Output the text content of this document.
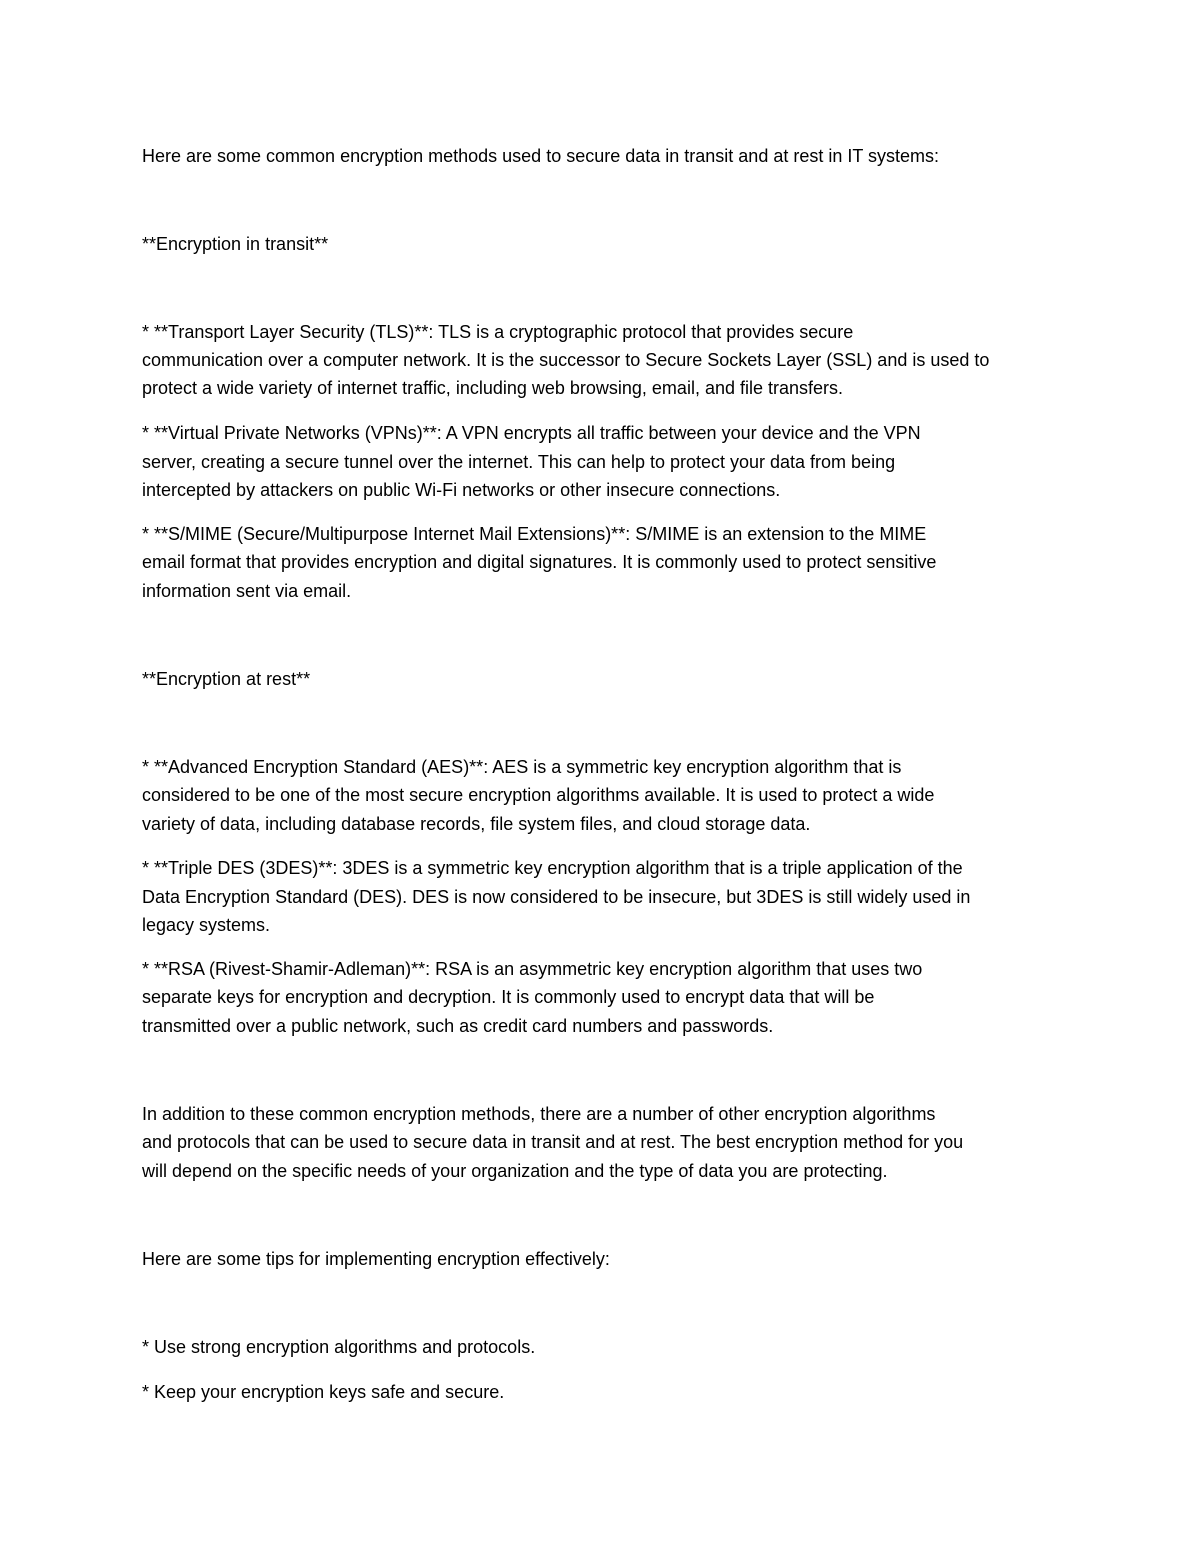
Here are some common encryption methods used to secure data in transit and at rest in IT systems:

**Encryption in transit**

* **Transport Layer Security (TLS)**: TLS is a cryptographic protocol that provides secure

communication over a computer network. It is the successor to Secure Sockets Layer (SSL) and is used to

protect a wide variety of internet traffic, including web browsing, email, and file transfers.

* **Virtual Private Networks (VPNs)**: A VPN encrypts all traffic between your device and the VPN

server, creating a secure tunnel over the internet. This can help to protect your data from being

intercepted by attackers on public Wi-Fi networks or other insecure connections.

* **S/MIME (Secure/Multipurpose Internet Mail Extensions)**: S/MIME is an extension to the MIME

email format that provides encryption and digital signatures. It is commonly used to protect sensitive

information sent via email.

**Encryption at rest**

* **Advanced Encryption Standard (AES)**: AES is a symmetric key encryption algorithm that is

considered to be one of the most secure encryption algorithms available. It is used to protect a wide

variety of data, including database records, file system files, and cloud storage data.

* **Triple DES (3DES)**: 3DES is a symmetric key encryption algorithm that is a triple application of the

Data Encryption Standard (DES). DES is now considered to be insecure, but 3DES is still widely used in

legacy systems.

* **RSA (Rivest-Shamir-Adleman)**: RSA is an asymmetric key encryption algorithm that uses two

separate keys for encryption and decryption. It is commonly used to encrypt data that will be

transmitted over a public network, such as credit card numbers and passwords.

In addition to these common encryption methods, there are a number of other encryption algorithms

and protocols that can be used to secure data in transit and at rest. The best encryption method for you

will depend on the specific needs of your organization and the type of data you are protecting.

Here are some tips for implementing encryption effectively:

* Use strong encryption algorithms and protocols.

* Keep your encryption keys safe and secure.
